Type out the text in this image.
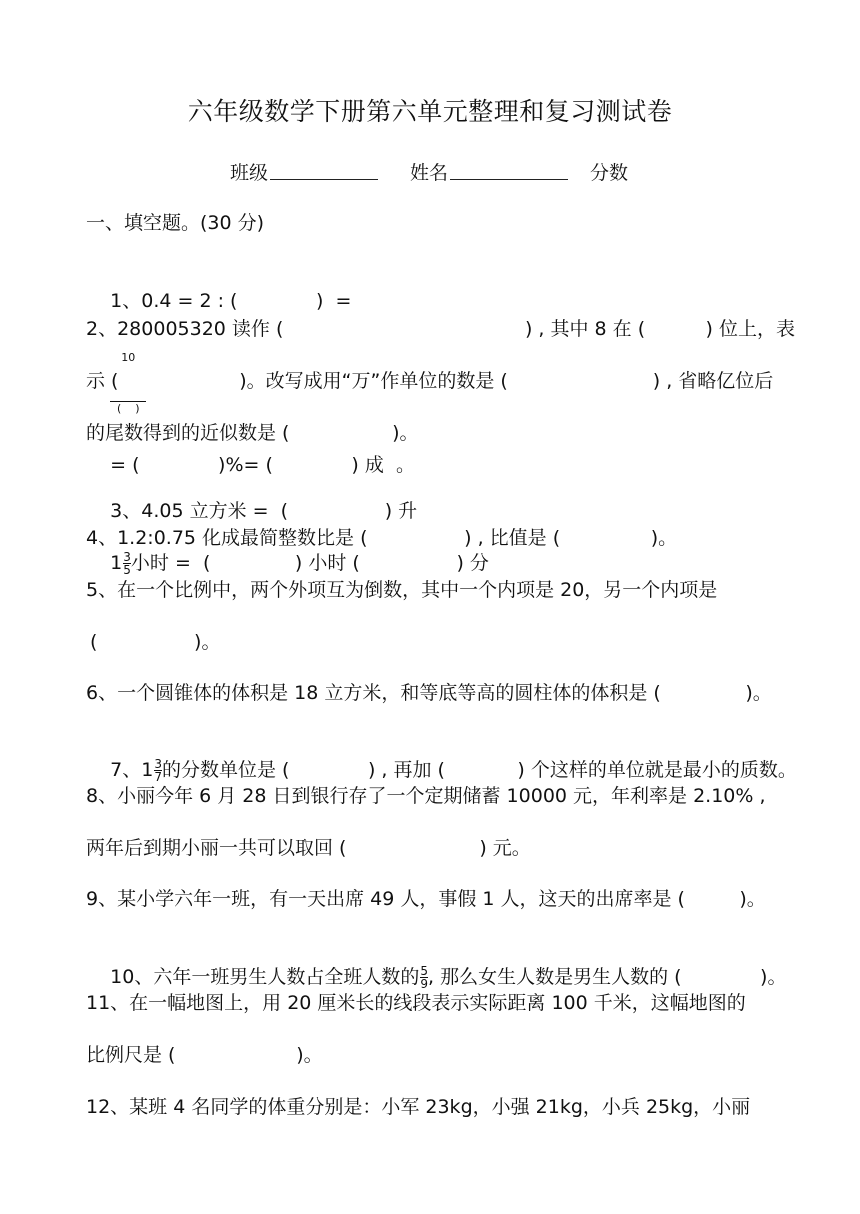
六年级数学下册第六单元整理和复习测试卷
班级	姓名	分数
一、填空题。(30 分)

1、0.4 = 2 : (             )  =

$\frac{10}{( )}$

= (             )%= (             ) 成  。

2、280005320 读作 (                                        ) , 其中 8 在 (          ) 位上，表
示 (                    )。改写成用“万”作单位的数是 (                        ) , 省略亿位后
的尾数得到的近似数是 (                 )。

3、4.05 立方米 =  (                ) 升

$1 \frac{3}{5}$ 小时 =  (              ) 小时 (                ) 分

4、1.2:0.75 化成最简整数比是 (                ) , 比值是 (               )。
5、在一个比例中，两个外项互为倒数，其中一个内项是 20，另一个内项是
(                )。
6、一个圆锥体的体积是 18 立方米，和等底等高的圆柱体的体积是 (              )。

7、$1 \frac{3}{7}$ 的分数单位是 (             ) , 再加 (            ) 个这样的单位就是最小的质数。

8、小丽今年 6 月 28 日到银行存了一个定期储蓄 10000 元，年利率是 2.10% ,
两年后到期小丽一共可以取回 (                      ) 元。
9、某小学六年一班，有一天出席 49 人，事假 1 人，这天的出席率是 (         )。

10、六年一班男生人数占全班人数的 $\frac{5}{9}$ , 那么女生人数是男生人数的 (             )。

11、在一幅地图上，用 20 厘米长的线段表示实际距离 100 千米，这幅地图的
比例尺是 (                    )。
12、某班 4 名同学的体重分别是：小军 23kg，小强 21kg，小兵 25kg，小丽
